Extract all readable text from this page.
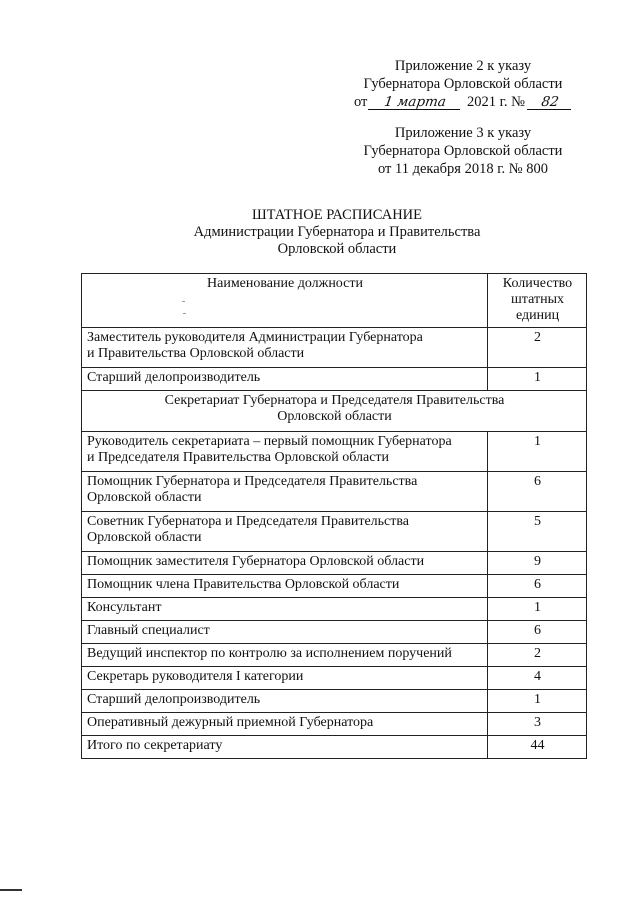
Приложение 2 к указу
Губернатора Орловской области
от 1 марта 2021 г. № 82
Приложение 3 к указу
Губернатора Орловской области
от 11 декабря 2018 г. № 800
ШТАТНОЕ РАСПИСАНИЕ
Администрации Губернатора и Правительства
Орловской области
Наименование должности	Количество
штатных
единиц
Заместитель руководителя Администрации Губернатора
и Правительства Орловской области	2
Старший делопроизводитель	1
Секретариат Губернатора и Председателя Правительства
Орловской области	
Руководитель секретариата – первый помощник Губернатора
и Председателя Правительства Орловской области	1
Помощник Губернатора и Председателя Правительства
Орловской области	6
Советник Губернатора и Председателя Правительства
Орловской области	5
Помощник заместителя Губернатора Орловской области	9
Помощник члена Правительства Орловской области	6
Консультант	1
Главный специалист	6
Ведущий инспектор по контролю за исполнением поручений	2
Секретарь руководителя I категории	4
Старший делопроизводитель	1
Оперативный дежурный приемной Губернатора	3
Итого по секретариату	44
